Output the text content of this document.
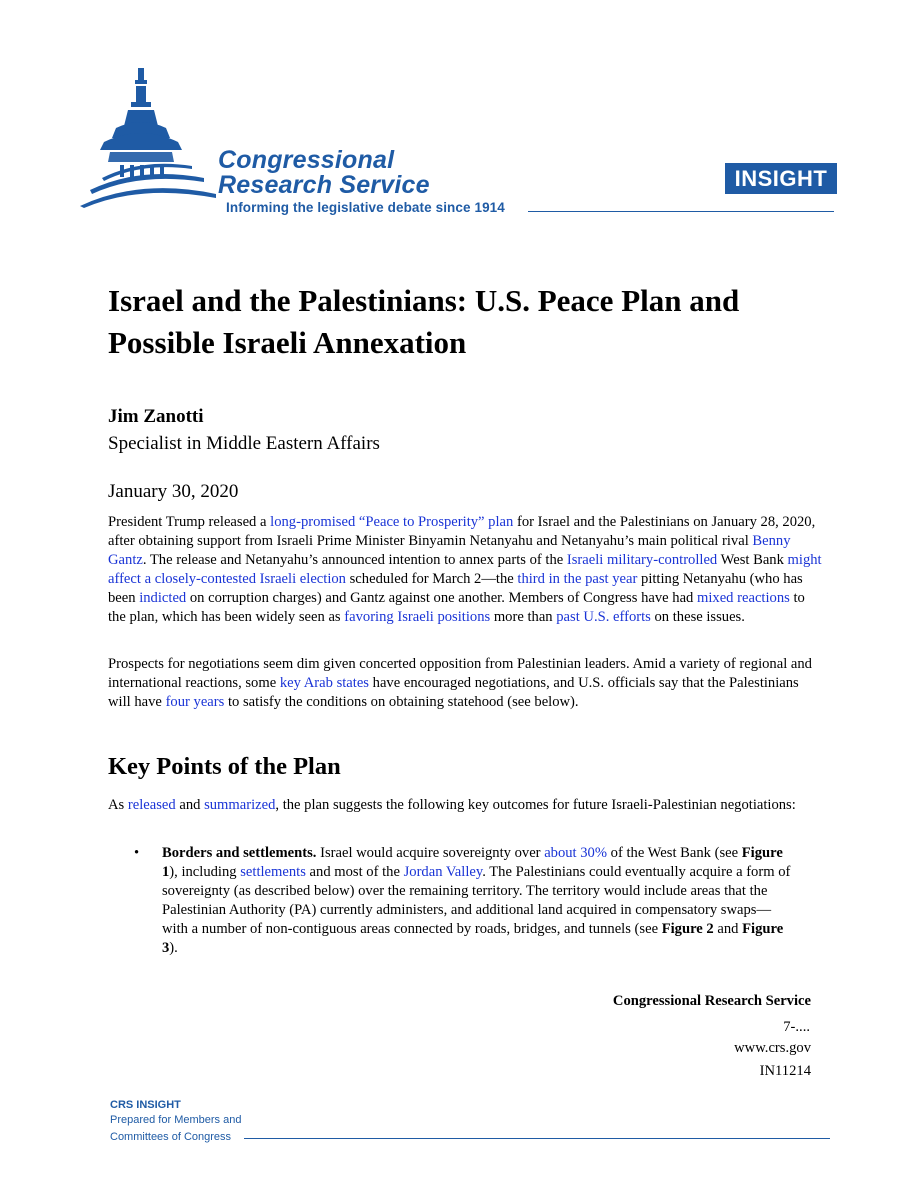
Congressional
Research Service
Informing the legislative debate since 1914
INSIGHT
Israel and the Palestinians: U.S. Peace Plan and Possible Israeli Annexation
Jim Zanotti
Specialist in Middle Eastern Affairs
January 30, 2020

President Trump released a long-promised “Peace to Prosperity” plan for Israel and the Palestinians on January 28, 2020, after obtaining support from Israeli Prime Minister Binyamin Netanyahu and Netanyahu’s main political rival Benny Gantz. The release and Netanyahu’s announced intention to annex parts of the Israeli military-controlled West Bank might affect a closely-contested Israeli election scheduled for March 2—the third in the past year pitting Netanyahu (who has been indicted on corruption charges) and Gantz against one another. Members of Congress have had mixed reactions to the plan, which has been widely seen as favoring Israeli positions more than past U.S. efforts on these issues.

Prospects for negotiations seem dim given concerted opposition from Palestinian leaders. Amid a variety of regional and international reactions, some key Arab states have encouraged negotiations, and U.S. officials say that the Palestinians will have four years to satisfy the conditions on obtaining statehood (see below).

Key Points of the Plan

As released and summarized, the plan suggests the following key outcomes for future Israeli-Palestinian negotiations:

• Borders and settlements. Israel would acquire sovereignty over about 30% of the West Bank (see Figure 1), including settlements and most of the Jordan Valley. The Palestinians could eventually acquire a form of sovereignty (as described below) over the remaining territory. The territory would include areas that the Palestinian Authority (PA) currently administers, and additional land acquired in compensatory swaps—with a number of non-contiguous areas connected by roads, bridges, and tunnels (see Figure 2 and Figure 3).
Congressional Research Service
7-....
www.crs.gov
IN11214
CRS INSIGHT
Prepared for Members and
Committees of Congress
